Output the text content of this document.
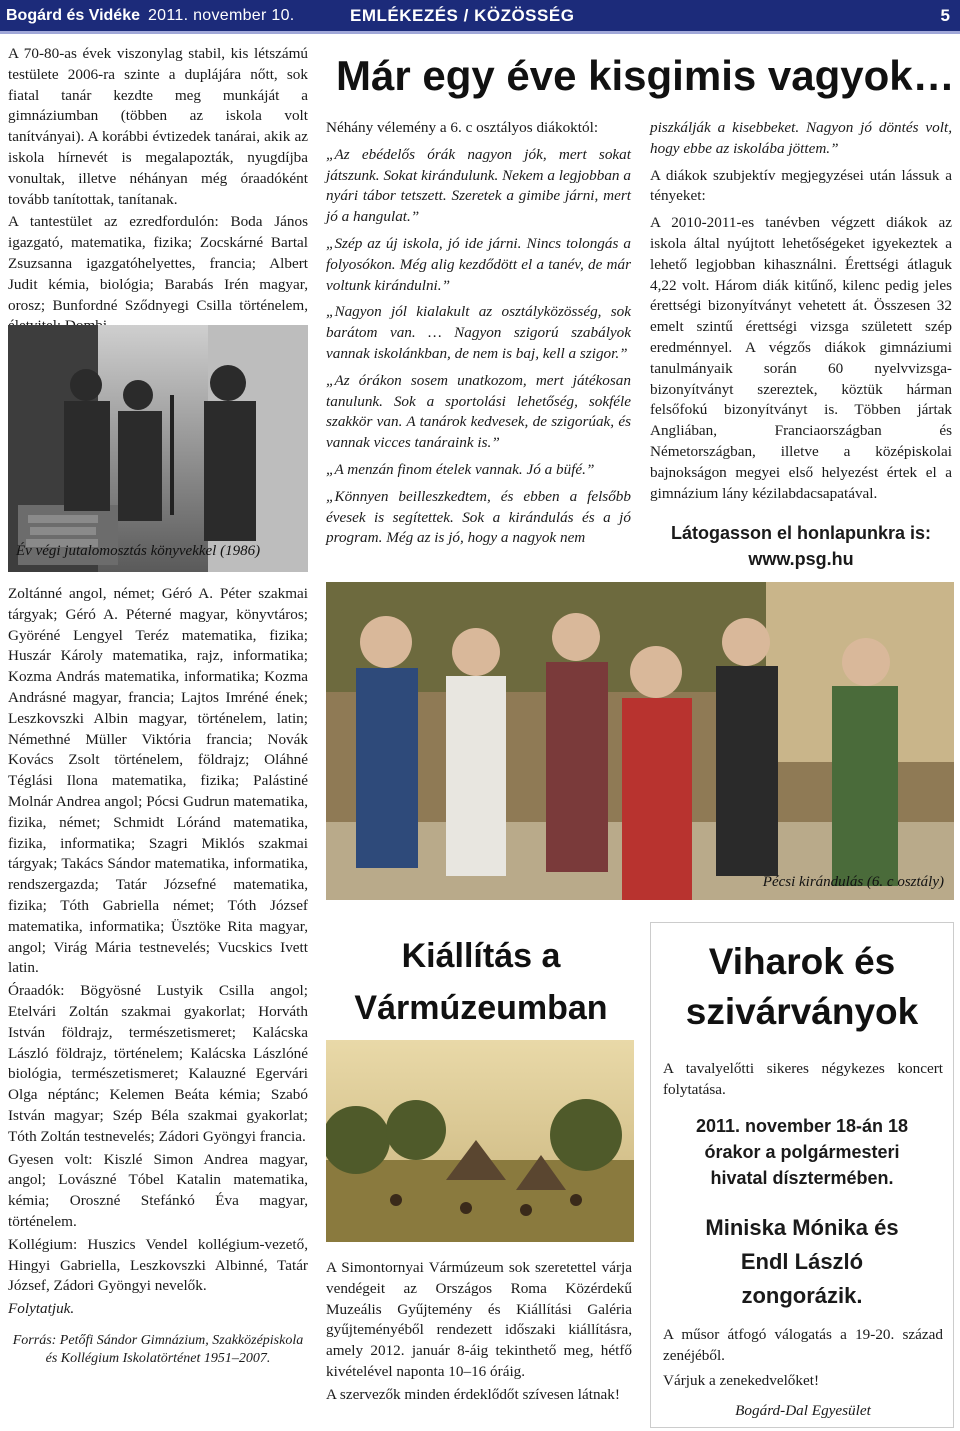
Bogárd és Vidéke 2011. november 10.	EMLÉKEZÉS / KÖZÖSSÉG	5

A 70-80-as évek viszonylag stabil, kis létszámú testülete 2006-ra szinte a duplájára nőtt, sok fiatal tanár kezdte meg munkáját a gimnáziumban (többen az iskola volt tanítványai). A korábbi évtizedek tanárai, akik az iskola hírnevét is megalapozták, nyugdíjba vonultak, illetve néhányan még óraadóként tovább tanítottak, tanítanak.

A tantestület az ezredfordulón: Boda János igazgató, matematika, fizika; Zocskárné Bartal Zsuzsanna igazgatóhelyettes, francia; Albert Judit kémia, biológia; Barabás Irén magyar, orosz; Bunfordné Sződnyegi Csilla történelem,

Év végi jutalomosztás könyvekkel (1986)

Zoltánné angol, német; Géró A. Péter szakmai tárgyak; Géró A. Péterné magyar, könyvtáros; Györéné Lengyel Teréz matematika, fizika; Huszár Károly matematika, rajz, informatika; Kozma András matematika, informatika; Kozma Andrásné magyar, francia; Lajtos Imréné ének; Leszkovszki Albin magyar, történelem, latin; Némethné Müller Viktória francia; Novák Kovács Zsolt történelem, földrajz; Oláhné Téglási Ilona matematika, fizika; Palástiné Molnár Andrea angol; Pócsi Gudrun matematika, fizika, német; Schmidt Lóránd matematika, fizika, informatika; Szagri Miklós szakmai tárgyak; Takács Sándor matematika, informatika, rendszergazda; Tatár Józsefné matematika, fizika; Tóth Gabriella német; Tóth József matematika, informatika; Üsztöke Rita magyar, angol; Virág Mária testnevelés; Vucskics Ivett latin.

Óraadók: Bögyösné Lustyik Csilla angol; Etelvári Zoltán szakmai gyakorlat; Horváth István földrajz, természetismeret; Kalácska László földrajz, történelem; Kalácska Lászlóné biológia, természetismeret; Kalauzné Egervári Olga néptánc; Kelemen Beáta kémia; Szabó István magyar; Szép Béla szakmai gyakorlat; Tóth Zoltán testnevelés; Zádori Gyöngyi francia.

Gyesen volt: Kiszlé Simon Andrea magyar, angol; Lovászné Tóbel Katalin matematika, kémia; Oroszné Stefánkó Éva magyar, történelem.

Kollégium: Huszics Vendel kollégium-vezető, Hingyi Gabriella, Leszkovszki Albinné, Tatár József, Zádori Gyöngyi nevelők.

Folytatjuk.

Forrás: Petőfi Sándor Gimnázium, Szakközépiskola és Kollégium Iskolatörténet 1951–2007.

Már egy éve kisgimis vagyok…

Néhány vélemény a 6. c osztályos diákoktól:

„Az ebédelős órák nagyon jók, mert sokat játszunk. Sokat kirándulunk. Nekem a legjobban a nyári tábor tetszett. Szeretek a gimibe járni, mert jó a hangulat.”

„Szép az új iskola, jó ide járni. Nincs tolongás a folyosókon. Még alig kezdődött el a tanév, de már voltunk kirándulni.”

„Nagyon jól kialakult az osztályközösség, sok barátom van. … Nagyon szigorú szabályok vannak iskolánkban, de nem is baj, kell a szigor.”

„Az órákon sosem unatkozom, mert játékosan tanulunk. Sok a sportolási lehetőség, sokféle szakkör van. A tanárok kedvesek, de szigorúak, és vannak vicces tanáraink is.”

„A menzán finom ételek vannak. Jó a büfé.”

„Könnyen beilleszkedtem, és ebben a felsőbb évesek is segítettek. Sok a kirándulás és a jó program. Még az is jó, hogy a nagyok nem

piszkálják a kisebbeket. Nagyon jó döntés volt, hogy ebbe az iskolába jöttem.”

A diákok szubjektív megjegyzései után lássuk a tényeket:

A 2010-2011-es tanévben végzett diákok az iskola által nyújtott lehetőségeket igyekeztek a lehető legjobban kihasználni. Érettségi átlaguk 4,22 volt. Három diák kitűnő, kilenc pedig jeles érettségi bizonyítványt vehetett át. Összesen 32 emelt szintű érettségi vizsga született szép eredménnyel. A végzős diákok gimnáziumi tanulmányaik során 60 nyelvvizsga-bizonyítványt szereztek, köztük hárman felsőfokú bizonyítványt is. Többen jártak Angliában, Franciaországban és Németországban, illetve a középiskolai bajnokságon megyei első helyezést értek el a gimnázium lány kézilabdacsapatával.

Látogasson el honlapunkra is:
www.psg.hu
Pécsi kirándulás (6. c osztály)
Kiállítás a
Vármúzeumban

A Simontornyai Vármúzeum sok szeretettel várja vendégeit az Országos Roma Közérdekű Muzeális Gyűjtemény és Kiállítási Galéria gyűjteményéből rendezett időszaki kiállításra, amely 2012. január 8-áig tekinthető meg, hétfő kivételével naponta 10–16 óráig.

A szervezők minden érdeklődőt szívesen látnak!

Viharok és
szivárványok
A tavalyelőtti sikeres négykezes koncert folytatása.
2011. november 18-án 18
órakor a polgármesteri
hivatal dísztermében.
Miniska Mónika és
Endl László
zongorázik.
A műsor átfogó válogatás a 19-20. század zenéjéből.
Várjuk a zenekedvelőket!
Bogárd-Dal Egyesület
